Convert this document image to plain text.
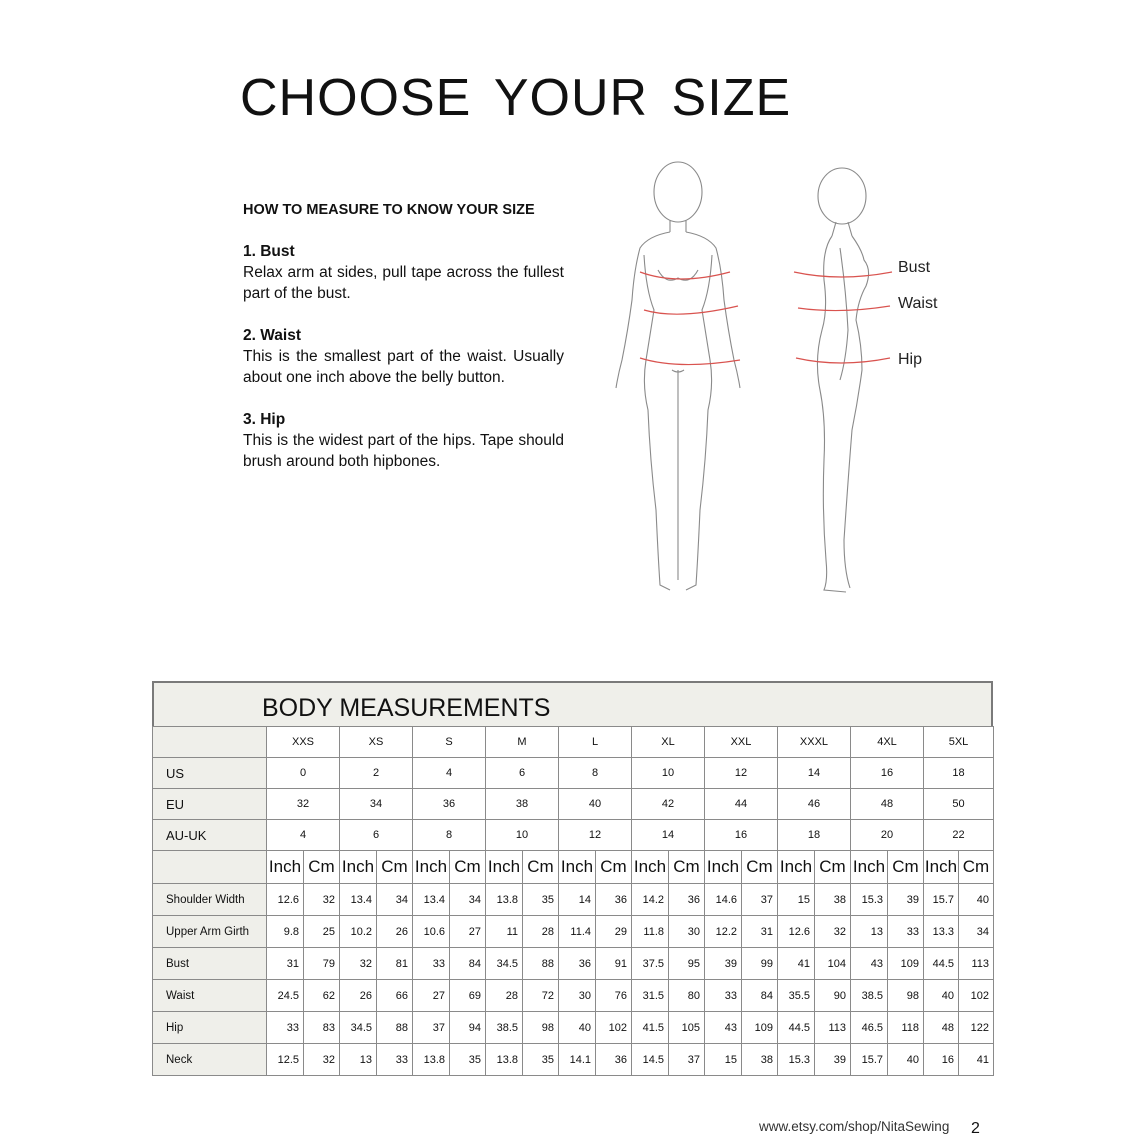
CHOOSE YOUR SIZE
HOW TO MEASURE TO KNOW YOUR SIZE
1. Bust
Relax arm at sides, pull tape across the fullest part of the bust.
2. Waist
This is the smallest part of the waist. Usually about one inch above the belly button.
3. Hip
This is the widest part of the hips. Tape should brush around both hipbones.
Bust
Waist
Hip
BODY MEASUREMENTS
	XXS		XS		S		M		L		XL		XXL		XXXL		4XL		5XL	
US	0		2		4		6		8		10		12		14		16		18	
EU	32		34		36		38		40		42		44		46		48		50	
AU-UK	4		6		8		10		12		14		16		18		20		22	
	Inch	Cm	Inch	Cm	Inch	Cm	Inch	Cm	Inch	Cm	Inch	Cm	Inch	Cm	Inch	Cm	Inch	Cm	Inch	Cm
Shoulder Width	12.6	32	13.4	34	13.4	34	13.8	35	14	36	14.2	36	14.6	37	15	38	15.3	39	15.7	40
Upper Arm Girth	9.8	25	10.2	26	10.6	27	11	28	11.4	29	11.8	30	12.2	31	12.6	32	13	33	13.3	34
Bust	31	79	32	81	33	84	34.5	88	36	91	37.5	95	39	99	41	104	43	109	44.5	113
Waist	24.5	62	26	66	27	69	28	72	30	76	31.5	80	33	84	35.5	90	38.5	98	40	102
Hip	33	83	34.5	88	37	94	38.5	98	40	102	41.5	105	43	109	44.5	113	46.5	118	48	122
Neck	12.5	32	13	33	13.8	35	13.8	35	14.1	36	14.5	37	15	38	15.3	39	15.7	40	16	41
www.etsy.com/shop/NitaSewing 2
